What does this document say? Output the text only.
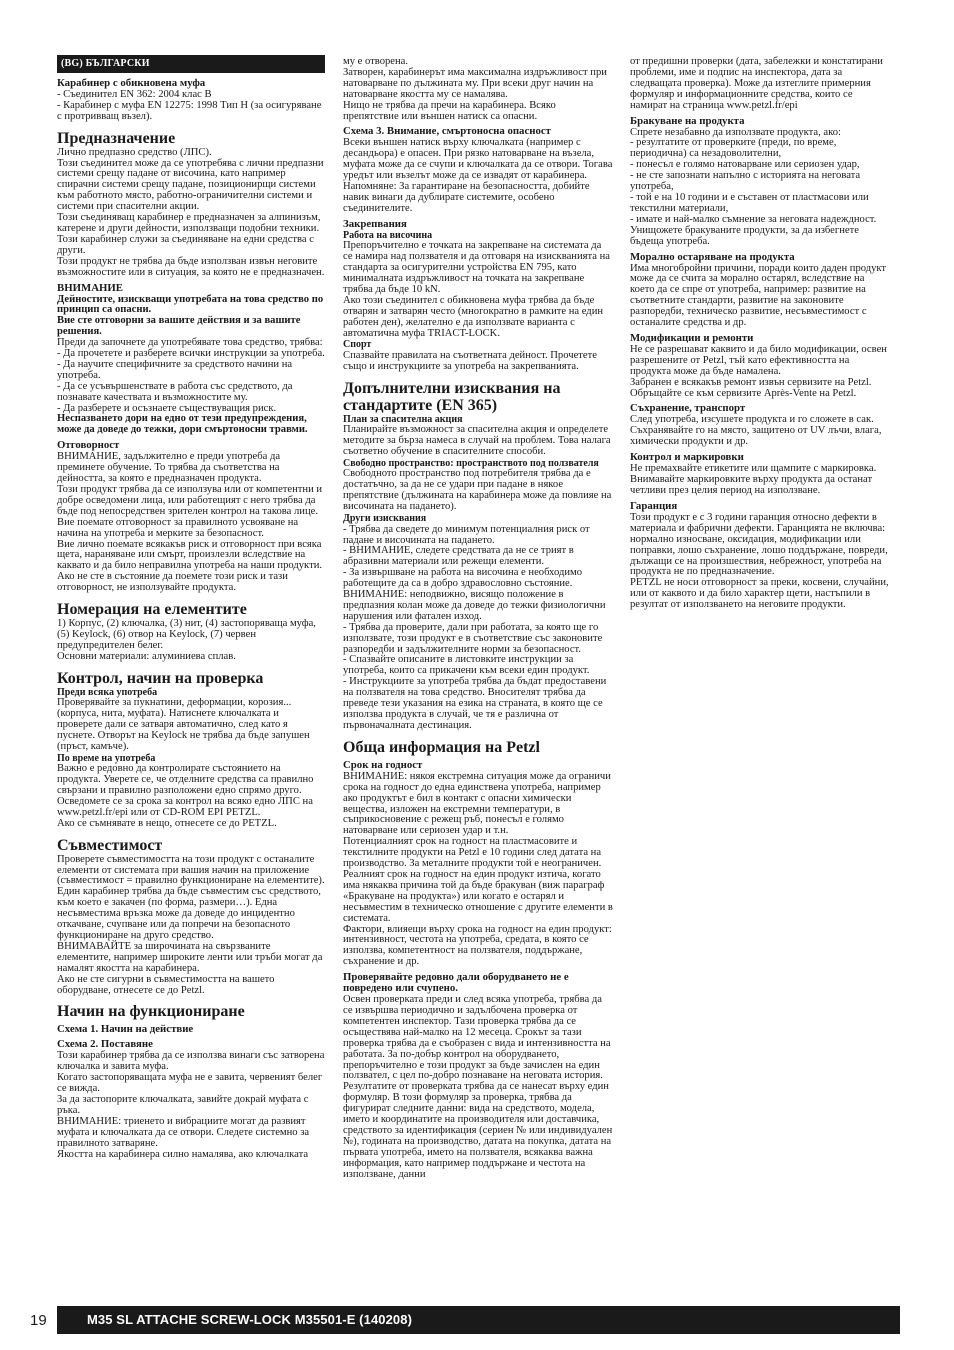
(BG) БЪЛГАРСКИ
Карабинер с обикновена муфа

- Съединител EN 362: 2004 клас B
- Карабинер с муфа EN 12275: 1998 Тип H (за осигуряване с протривващ възел).

Предназначение

Лично предпазно средство (ЛПС).
Този съединител може да се употребява с лични предпазни системи срещу падане от височина, като например спирачни системи срещу падане, позиционирщи системи към работното място, работно-ограничителни системи и системи при спасителни акции.
Този съединяващ карабинер е предназначен за алпинизъм, катерене и други дейности, използващи подобни техники.
Този карабинер служи за съединяване на едни средства с други.
Този продукт не трябва да бъде използван извън неговите възможностите или в ситуация, за която не е предназначен.

ВНИМАНИЕ

Дейностите, изискващи употребата на това средство по принцип са опасни.
Вие сте отговорни за вашите действия и за вашите решения.

Преди да започнете да употребявате това средство, трябва:
- Да прочетете и разберете всички инструкции за употреба.
- Да научите специфичните за средството начини на употреба.
- Да се усъвършенствате в работа със средството, да познавате качествата и възможностите му.
- Да разберете и осъзнаете съществуващия риск.

Неспазването дори на едно от тези предупреждения, може да доведе до тежки, дори смъртоносни травми.

Отговорност

ВНИМАНИЕ, задължително е преди употреба да преминете обучение. То трябва да съответства на дейността, за която е предназначен продукта.
Този продукт трябва да се използува или от компетентни и добре осведомени лица, или работещият с него трябва да бъде под непосредствен зрителен контрол на такова лице.
Вие поемате отговорност за правилното усвояване на начина на употреба и мерките за безопасност.
Вие лично поемате всякакъв риск и отговорност при всяка щета, нараняване или смърт, произлезли вследствие на каквато и да било неправилна употреба на наши продукти. Ако не сте в състояние да поемете този риск и тази отговорност, не използувайте продукта.

Номерация на елементите

1) Корпус, (2) ключалка, (3) нит, (4) застопоряваща муфа, (5) Keylock, (6) отвор на Keylock, (7) червен предупредителен белег.
Основни материали: алуминиева сплав.

Контрол, начин на проверка
Преди всяка употреба

Проверявайте за пукнатини, деформации, корозия... (корпуса, нита, муфата). Натиснете ключалката и проверете дали се затваря автоматично, след като я пуснете. Отворът на Keylock не трябва да бъде запушен (пръст, камъче).

По време на употреба

Важно е редовно да контролирате състоянието на продукта. Уверете се, че отделните средства са правилно свързани и правилно разположени едно спрямо друго.
Осведомете се за срока за контрол на всяко едно ЛПС на www.petzl.fr/epi или от CD-ROM EPI PETZL.
Ако се съмнявате в нещо, отнесете се до PETZL.

Съвместимост

Проверете съвместимостта на този продукт с останалите елементи от системата при вашия начин на приложение (съвместимост = правилно функциониране на елементите).
Един карабинер трябва да бъде съвместим със средството, към което е закачен (по форма, размери…). Една несъвместима връзка може да доведе до инцидентно откачване, счупване или да попречи на безопасното функциониране на друго средство.
ВНИМАВАЙТЕ за широчината на свързваните елементите, например широките ленти или тръби могат да намалят якостта на карабинера.
Ако не сте сигурни в съвместимостта на вашето оборудване, отнесете се до Petzl.

Начин на функциониране
Схема 1. Начин на действие
Схема 2. Поставяне

Този карабинер трябва да се използва винаги със затворена ключалка и завита муфа.
Когато застопоряващата муфа не е завита, червеният белег се вижда.
За да застопорите ключалката, завийте докрай муфата с ръка.
ВНИМАНИЕ: триенето и вибрациите могат да развият муфата и ключалката да се отвори. Следете системно за правилното затваряне.
Якостта на карабинера силно намалява, ако ключалката

му е отворена.
Затворен, карабинерът има максимална издръжливост при натоварване по дължината му. При всеки друг начин на натоварване якостта му се намалява.
Нищо не трябва да пречи на карабинера. Всяко препятствие или външен натиск са опасни.

Схема 3. Внимание, смъртоносна опасност

Всеки външен натиск върху ключалката (например с десандьора) е опасен. При рязко натоварване на възела, муфата може да се счупи и ключалката да се отвори. Тогава уредът или възелът може да се извадят от карабинера.
Напомняне: За гарантиране на безопасността, добийте навик винаги да дублирате системите, особено съединителите.

Закрепвания
Работа на височина

Препоръчително е точката на закрепване на системата да се намира над ползвателя и да отговаря на изискванията на стандарта за осигурителни устройства EN 795, като минималната издръжливост на точката на закрепване трябва да бъде 10 kN.
Ако този съединител с обикновена муфа трябва да бъде отварян и затварян често (многократно в рамките на един работен ден), желателно е да използвате варианта с автоматична муфа TRIACT-LOCK.

Спорт

Спазвайте правилата на съответната дейност. Прочетете също и инструкциите за употреба на закрепванията.

Допълнителни изисквания на стандартите (EN 365)
План за спасителна акция

Планирайте възможност за спасителна акция и определете методите за бърза намеса в случай на проблем. Това налага съответно обучение в спасителните способи.

Свободно пространство: пространството под ползвателя

Свободното пространство под потребителя трябва да е достатъчно, за да не се удари при падане в някое препятствие (дължината на карабинера може да повлияе на височината на падането).

Други изисквания

- Трябва да сведете до минимум потенциалния риск от падане и височината на падането.
- ВНИМАНИЕ, следете средствата да не се трият в абразивни материали или режещи елементи.
- За извършване на работа на височина е необходимо работещите да са в добро здравословно състояние. ВНИМАНИЕ: неподвижно, висящо положение в предпазния колан може да доведе до тежки физиологични нарушения или фатален изход.
- Трябва да проверите, дали при работата, за която ще го използвате, този продукт е в съответствие със законовите разпоредби и задължителните норми за безопасност.
- Спазвайте описаните в листовките инструкции за употреба, които са прикачени към всеки един продукт.
- Инструкциите за употреба трябва да бъдат предоставени на ползвателя на това средство. Вносителят трябва да преведе тези указания на езика на страната, в която ще се използва продукта в случай, че тя е различна от първоначалната дестинация.

Обща информация на Petzl
Срок на годност

ВНИМАНИЕ: някоя екстремна ситуация може да ограничи срока на годност до една единствена употреба, например ако продуктът е бил в контакт с опасни химически вещества, изложен на екстремни температури, в съприкосновение с режещ ръб, понесъл е голямо натоварване или сериозен удар и т.н.
Потенциалният срок на годност на пластмасовите и текстилните продукти на Petzl е 10 години след датата на производство. За металните продукти той е неограничен.
Реалният срок на годност на един продукт изтича, когато има някаква причина той да бъде бракуван (виж параграф «Бракуване на продукта») или когато е остарял и несъвместим в техническо отношение с другите елементи в системата.
Фактори, влияещи върху срока на годност на един продукт: интензивност, честота на употреба, средата, в която се използва, компетентност на ползвателя, поддържане, съхранение и др.

Проверявайте редовно дали оборудването не е повредено или счупено.

Освен проверката преди и след всяка употреба, трябва да се извършва периодично и задълбочена проверка от компетентен инспектор. Тази проверка трябва да се осъществява най-малко на 12 месеца. Срокът за тази проверка трябва да е съобразен с вида и интензивността на работата. За по-добър контрол на оборудването, препоръчително е този продукт за бъде зачислен на един ползвател, с цел по-добро познаване на неговата история. Резултатите от проверката трябва да се нанесат върху един формуляр. В този формуляр за проверка, трябва да фигурират следните данни: вида на средството, модела, името и координатите на производителя или доставчика, средството за идентификация (сериен № или индивидуален №), годината на производство, датата на покупка, датата на първата употреба, името на ползвателя, всякаква важна информация, като например поддържане и честота на използване, данни

от предишни проверки (дата, забележки и констатирани проблеми, име и подпис на инспектора, дата за следващата проверка). Може да изтеглите примерния формуляр и информационните средства, които се намират на страница www.petzl.fr/epi

Бракуване на продукта

Спрете незабавно да използвате продукта, ако:
- резултатите от проверките (преди, по време, периодична) са незадоволителни,
- понесъл е голямо натоварване или сериозен удар,
- не сте запознати напълно с историята на неговата употреба,
- той е на 10 години и е съставен от пластмасови или текстилни материали,
- имате и най-малко съмнение за неговата надеждност.
Унищожете бракуваните продукти, за да избегнете бъдеща употреба.

Морално остаряване на продукта

Има многобройни причини, поради които даден продукт може да се счита за морално остарял, вследствие на което да се спре от употреба, например: развитие на съответните стандарти, развитие на законовите разпоредби, техническо развитие, несъвместимост с останалите средства и др.

Модификации и ремонти

Не се разрешават каквито и да било модификации, освен разрешените от Petzl, тъй като ефективността на продукта може да бъде намалена.
Забранен е всякакъв ремонт извън сервизите на Petzl.
Обръщайте се към сервизите Après-Vente на Petzl.

Съхранение, транспорт

След употреба, изсушете продукта и го сложете в сак.
Съхранявайте го на място, защитено от UV лъчи, влага, химически продукти и др.

Контрол и маркировки

Не премахвайте етикетите или щампите с маркировка.
Внимавайте маркировките върху продукта да останат четливи през целия период на използване.

Гаранция

Този продукт е с 3 години гаранция относно дефекти в материала и фабрични дефекти. Гаранцията не включва: нормално износване, оксидация, модификации или поправки, лошо съхранение, лошо поддържане, повреди, дължащи се на произшествия, небрежност, употреба на продукта не по предназначение.
PETZL не носи отговорност за преки, косвени, случайни, или от каквото и да било характер щети, настъпили в резултат от използването на неговите продукти.

19	M35 SL ATTACHE SCREW-LOCK M35501-E (140208)
